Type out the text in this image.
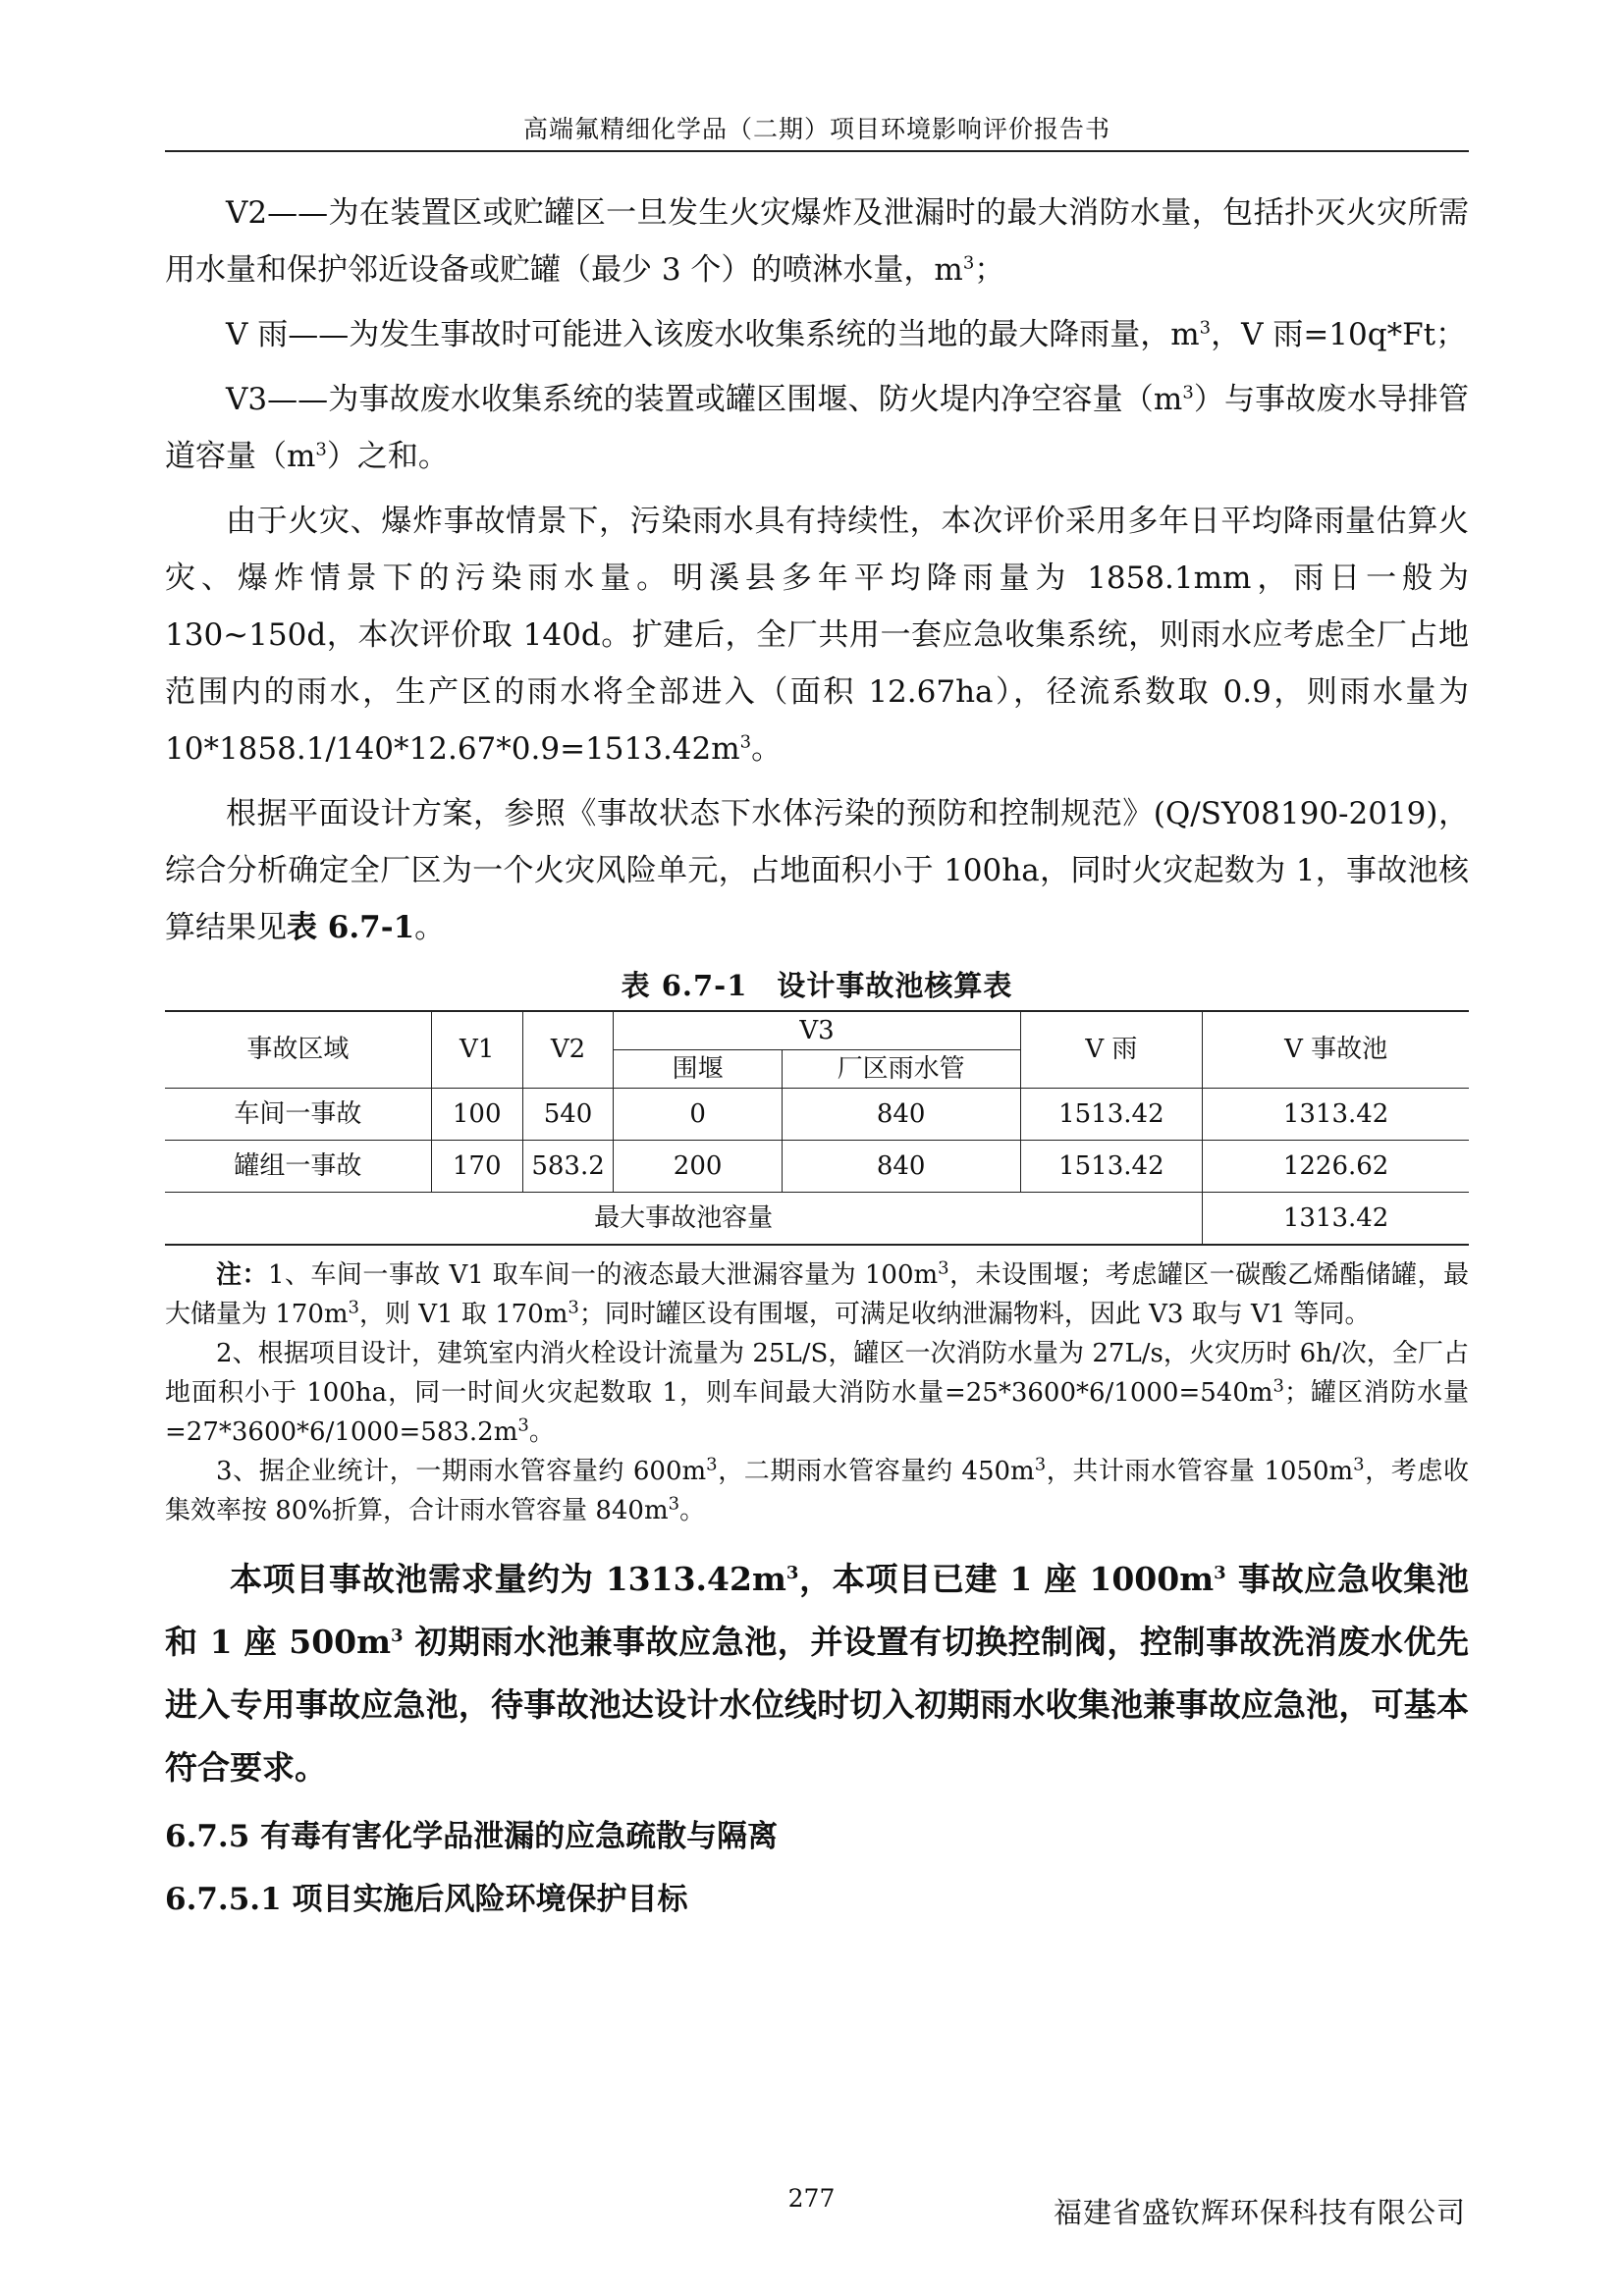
高端氟精细化学品（二期）项目环境影响评价报告书

V2——为在装置区或贮罐区一旦发生火灾爆炸及泄漏时的最大消防水量，包括扑灭火灾所需用水量和保护邻近设备或贮罐（最少 3 个）的喷淋水量，$m^3$；

V 雨——为发生事故时可能进入该废水收集系统的当地的最大降雨量，$m^3$，V 雨=10q*Ft；

V3——为事故废水收集系统的装置或罐区围堰、防火堤内净空容量$(m^3)$与事故废水导排管道容量$(m^3)$之和。

由于火灾、爆炸事故情景下，污染雨水具有持续性，本次评价采用多年日平均降雨量估算火灾、爆炸情景下的污染雨水量。明溪县多年平均降雨量为 1858.1mm，雨日一般为 130~150d，本次评价取 140d。扩建后，全厂共用一套应急收集系统，则雨水应考虑全厂占地范围内的雨水，生产区的雨水将全部进入（面积 12.67ha），径流系数取 0.9，则雨水量为 $10*1858.1/140*12.67*0.9=1513.42m^3$。

根据平面设计方案，参照《事故状态下水体污染的预防和控制规范》(Q/SY08190-2019)，综合分析确定全厂区为一个火灾风险单元，占地面积小于 100ha，同时火灾起数为 1，事故池核算结果见表 6.7-1。

表 6.7-1　设计事故池核算表
事故区域	V1	V2	V3		V 雨	V 事故池
			围堰	厂区雨水管		
车间一事故	100	540	0	840	1513.42	1313.42
罐组一事故	170	583.2	200	840	1513.42	1226.62
最大事故池容量						1313.42

注：1、车间一事故 V1 取车间一的液态最大泄漏容量为 $100m^3$，未设围堰；考虑罐区一碳酸乙烯酯储罐，最大储量为 $170m^3$，则 V1 取 $170m^3$；同时罐区设有围堰，可满足收纳泄漏物料，因此 V3 取与 V1 等同。

2、根据项目设计，建筑室内消火栓设计流量为 25L/S，罐区一次消防水量为 27L/s，火灾历时 6h/次，全厂占地面积小于 100ha，同一时间火灾起数取 1，则车间最大消防水量$=25*3600*6/1000=540m^3$；罐区消防水量$=27*3600*6/1000=583.2m^3$。

3、据企业统计，一期雨水管容量约 $600m^3$，二期雨水管容量约 $450m^3$，共计雨水管容量 $1050m^3$，考虑收集效率按 80%折算，合计雨水管容量 $840m^3$。

本项目事故池需求量约为 $1313.42m^3$，本项目已建 1 座 $1000m^3$ 事故应急收集池和 1 座 $500m^3$ 初期雨水池兼事故应急池，并设置有切换控制阀，控制事故洗消废水优先进入专用事故应急池，待事故池达设计水位线时切入初期雨水收集池兼事故应急池，可基本符合要求。

6.7.5 有毒有害化学品泄漏的应急疏散与隔离

6.7.5.1 项目实施后风险环境保护目标

277	福建省盛钦辉环保科技有限公司
